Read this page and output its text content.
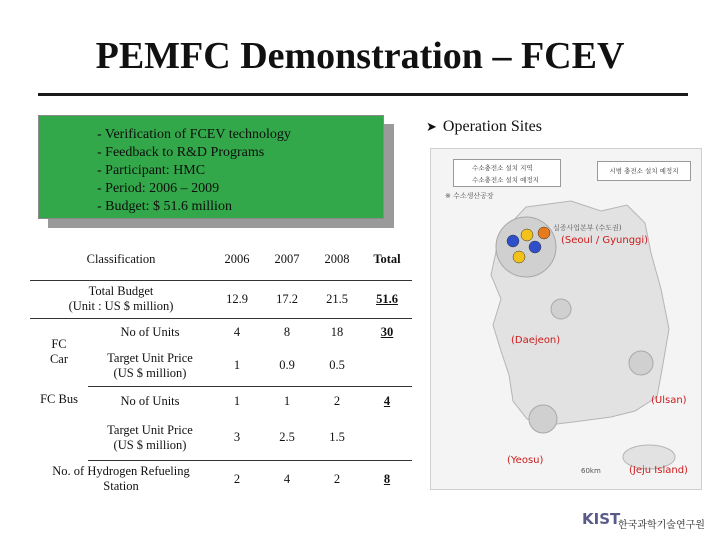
PEMFC Demonstration – FCEV
- Verification of FCEV technology
- Feedback to R&D Programs
- Participant: HMC
- Period: 2006 – 2009
- Budget: $ 51.6 million
➤ Operation Sites
Classification		2006	2007	2008	Total
Total Budget
(Unit : US $ million)		12.9	17.2	21.5	51.6
FC
Car	No of Units	4	8	18	30
	Target Unit Price
(US $ million)	1	0.9	0.5	
FC Bus	No of Units	1	1	2	4
	Target Unit Price
(US $ million)	3	2.5	1.5	
No. of Hydrogen Refueling
Station		2	4	2	8
수소충전소 설치 지역
수소충전소 설치 예정지
시범 충전소 설치 예정지
※ 수소생산공장
실증사업본부 (수도권)
(Seoul / Gyunggi)
(Daejeon)
(Ulsan)
(Yeosu)
(Jeju Island)
60km
KIST
한국과학기술연구원
